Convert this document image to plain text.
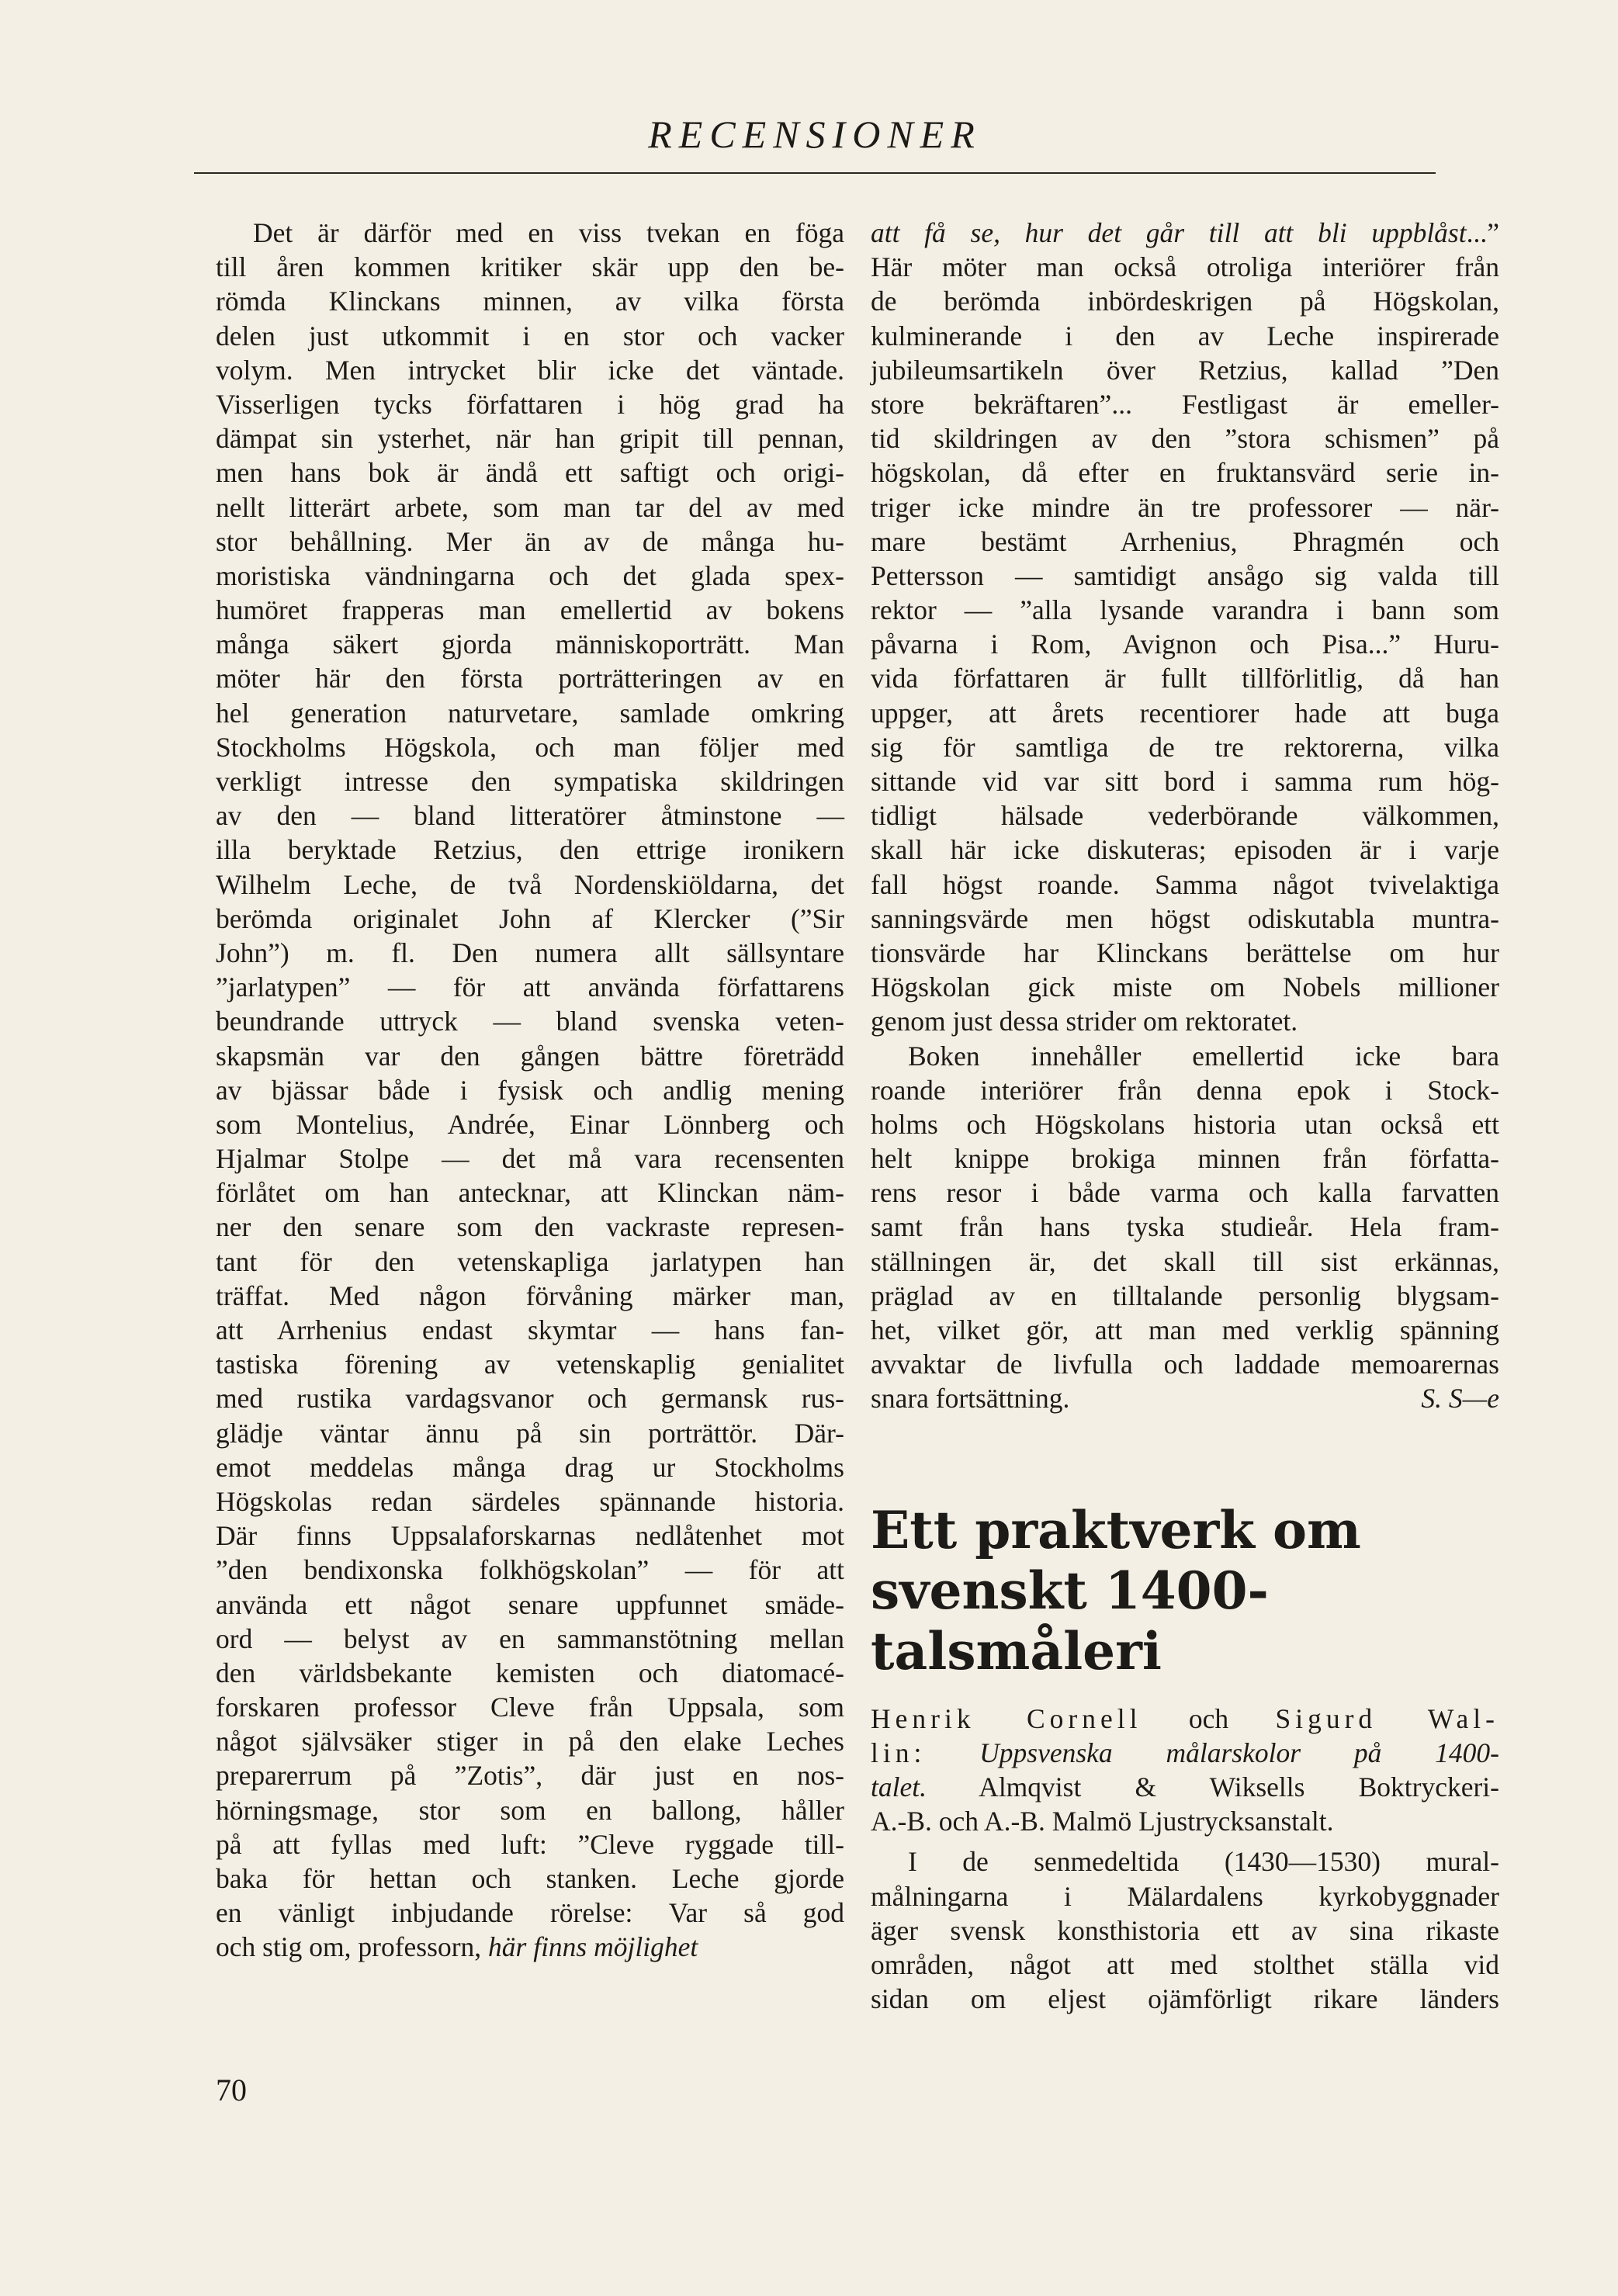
RECENSIONER
Det är därför med en viss tvekan en föga
till åren kommen kritiker skär upp den be-
römda Klinckans minnen, av vilka första
delen just utkommit i en stor och vacker
volym. Men intrycket blir icke det väntade.
Visserligen tycks författaren i hög grad ha
dämpat sin ysterhet, när han gripit till pennan,
men hans bok är ändå ett saftigt och origi-
nellt litterärt arbete, som man tar del av med
stor behållning. Mer än av de många hu-
moristiska vändningarna och det glada spex-
humöret frapperas man emellertid av bokens
många säkert gjorda människoporträtt. Man
möter här den första porträtteringen av en
hel generation naturvetare, samlade omkring
Stockholms Högskola, och man följer med
verkligt intresse den sympatiska skildringen
av den — bland litteratörer åtminstone —
illa beryktade Retzius, den ettrige ironikern
Wilhelm Leche, de två Nordenskiöldarna, det
berömda originalet John af Klercker (”Sir
John”) m. fl. Den numera allt sällsyntare
”jarlatypen” — för att använda författarens
beundrande uttryck — bland svenska veten-
skapsmän var den gången bättre företrädd
av bjässar både i fysisk och andlig mening
som Montelius, Andrée, Einar Lönnberg och
Hjalmar Stolpe — det må vara recensenten
förlåtet om han antecknar, att Klinckan näm-
ner den senare som den vackraste represen-
tant för den vetenskapliga jarlatypen han
träffat. Med någon förvåning märker man,
att Arrhenius endast skymtar — hans fan-
tastiska förening av vetenskaplig genialitet
med rustika vardagsvanor och germansk rus-
glädje väntar ännu på sin porträttör. Där-
emot meddelas många drag ur Stockholms
Högskolas redan särdeles spännande historia.
Där finns Uppsalaforskarnas nedlåtenhet mot
”den bendixonska folkhögskolan” — för att
använda ett något senare uppfunnet smäde-
ord — belyst av en sammanstötning mellan
den världsbekante kemisten och diatomacé-
forskaren professor Cleve från Uppsala, som
något självsäker stiger in på den elake Leches
preparerrum på ”Zotis”, där just en nos-
hörningsmage, stor som en ballong, håller
på att fyllas med luft: ”Cleve ryggade till-
baka för hettan och stanken. Leche gjorde
en vänligt inbjudande rörelse: Var så god
och stig om, professorn, här finns möjlighet
att få se, hur det går till att bli uppblåst...”
Här möter man också otroliga interiörer från
de berömda inbördeskrigen på Högskolan,
kulminerande i den av Leche inspirerade
jubileumsartikeln över Retzius, kallad ”Den
store bekräftaren”... Festligast är emeller-
tid skildringen av den ”stora schismen” på
högskolan, då efter en fruktansvärd serie in-
triger icke mindre än tre professorer — när-
mare bestämt Arrhenius, Phragmén och
Pettersson — samtidigt ansågo sig valda till
rektor — ”alla lysande varandra i bann som
påvarna i Rom, Avignon och Pisa...” Huru-
vida författaren är fullt tillförlitlig, då han
uppger, att årets recentiorer hade att buga
sig för samtliga de tre rektorerna, vilka
sittande vid var sitt bord i samma rum hög-
tidligt hälsade vederbörande välkommen,
skall här icke diskuteras; episoden är i varje
fall högst roande. Samma något tvivelaktiga
sanningsvärde men högst odiskutabla muntra-
tionsvärde har Klinckans berättelse om hur
Högskolan gick miste om Nobels millioner
genom just dessa strider om rektoratet.
Boken innehåller emellertid icke bara
roande interiörer från denna epok i Stock-
holms och Högskolans historia utan också ett
helt knippe brokiga minnen från författa-
rens resor i både varma och kalla farvatten
samt från hans tyska studieår. Hela fram-
ställningen är, det skall till sist erkännas,
präglad av en tilltalande personlig blygsam-
het, vilket gör, att man med verklig spänning
avvaktar de livfulla och laddade memoarernas
snara fortsättning.	S. S—e
Ett praktverk om
svenskt 1400-
talsmåleri
Henrik Cornell och Sigurd Wal-
lin: Uppsvenska målarskolor på 1400-
talet. Almqvist & Wiksells Boktryckeri-
A.-B. och A.-B. Malmö Ljustrycksanstalt.
I de senmedeltida (1430—1530) mural-
målningarna i Mälardalens kyrkobyggnader
äger svensk konsthistoria ett av sina rikaste
områden, något att med stolthet ställa vid
sidan om eljest ojämförligt rikare länders
70
